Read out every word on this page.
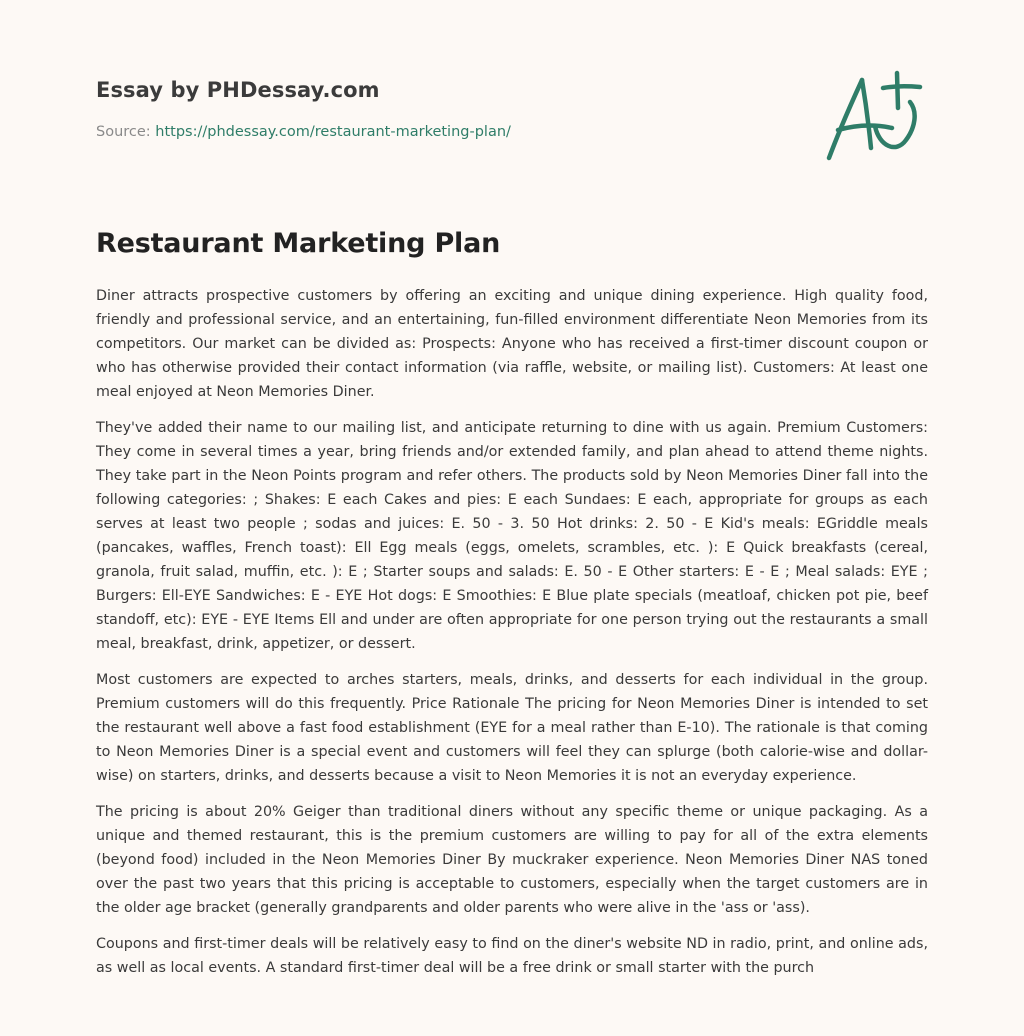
Essay by PHDessay.com
Source: https://phdessay.com/restaurant-marketing-plan/
Restaurant Marketing Plan

Diner attracts prospective customers by offering an exciting and unique dining experience. High quality food, friendly and professional service, and an entertaining, fun-filled environment differentiate Neon Memories from its competitors. Our market can be divided as: Prospects: Anyone who has received a first-timer discount coupon or who has otherwise provided their contact information (via raffle, website, or mailing list). Customers: At least one meal enjoyed at Neon Memories Diner.

They've added their name to our mailing list, and anticipate returning to dine with us again. Premium Customers: They come in several times a year, bring friends and/or extended family, and plan ahead to attend theme nights. They take part in the Neon Points program and refer others. The products sold by Neon Memories Diner fall into the following categories: ; Shakes: E each Cakes and pies: E each Sundaes: E each, appropriate for groups as each serves at least two people ; sodas and juices: E. 50 - 3. 50 Hot drinks: 2. 50 - E Kid's meals: EGriddle meals (pancakes, waffles, French toast): Ell Egg meals (eggs, omelets, scrambles, etc. ): E Quick breakfasts (cereal, granola, fruit salad, muffin, etc. ): E ; Starter soups and salads: E. 50 - E Other starters: E - E ; Meal salads: EYE ; Burgers: Ell-EYE Sandwiches: E - EYE Hot dogs: E Smoothies: E Blue plate specials (meatloaf, chicken pot pie, beef standoff, etc): EYE - EYE Items Ell and under are often appropriate for one person trying out the restaurants a small meal, breakfast, drink, appetizer, or dessert.

Most customers are expected to arches starters, meals, drinks, and desserts for each individual in the group. Premium customers will do this frequently. Price Rationale The pricing for Neon Memories Diner is intended to set the restaurant well above a fast food establishment (EYE for a meal rather than E-10). The rationale is that coming to Neon Memories Diner is a special event and customers will feel they can splurge (both calorie-wise and dollar-wise) on starters, drinks, and desserts because a visit to Neon Memories it is not an everyday experience.

The pricing is about 20% Geiger than traditional diners without any specific theme or unique packaging. As a unique and themed restaurant, this is the premium customers are willing to pay for all of the extra elements (beyond food) included in the Neon Memories Diner By muckraker experience. Neon Memories Diner NAS toned over the past two years that this pricing is acceptable to customers, especially when the target customers are in the older age bracket (generally grandparents and older parents who were alive in the 'ass or 'ass).

Coupons and first-timer deals will be relatively easy to find on the diner's website ND in radio, print, and online ads, as well as local events. A standard first-timer deal will be a free drink or small starter with the purch
